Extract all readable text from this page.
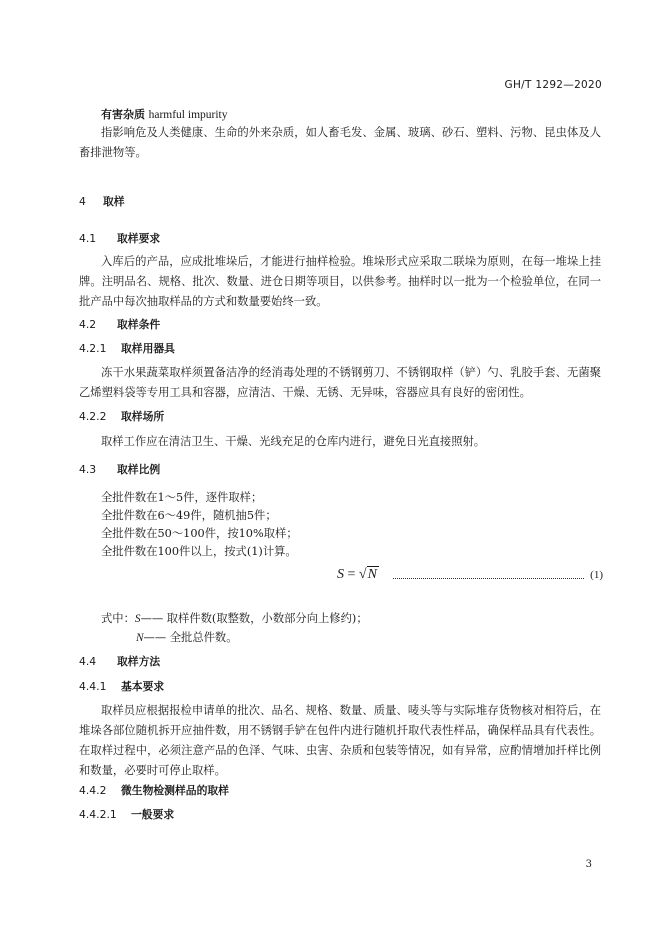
GH/T 1292—2020
有害杂质 harmful impurity
指影响危及人类健康、生命的外来杂质，如人畜毛发、金属、玻璃、砂石、塑料、污物、昆虫体及人畜排泄物等。
4 取样
4.1 取样要求
入库后的产品，应成批堆垛后，才能进行抽样检验。堆垛形式应采取二联垛为原则，在每一堆垛上挂牌。注明品名、规格、批次、数量、进仓日期等项目，以供参考。抽样时以一批为一个检验单位，在同一批产品中每次抽取样品的方式和数量要始终一致。
4.2 取样条件
4.2.1 取样用器具
冻干水果蔬菜取样须置备洁净的经消毒处理的不锈钢剪刀、不锈钢取样（铲）勺、乳胶手套、无菌聚乙烯塑料袋等专用工具和容器，应清洁、干燥、无锈、无异味，容器应具有良好的密闭性。
4.2.2 取样场所
取样工作应在清洁卫生、干燥、光线充足的仓库内进行，避免日光直接照射。
4.3 取样比例
全批件数在1～5件，逐件取样；
全批件数在6～49件，随机抽5件；
全批件数在50～100件，按10%取样；
全批件数在100件以上，按式(1)计算。
S = √N	(1)
式中：S—— 取样件数(取整数，小数部分向上修约)；
N—— 全批总件数。
4.4 取样方法
4.4.1 基本要求
取样员应根据报检申请单的批次、品名、规格、数量、质量、唛头等与实际堆存货物核对相符后，在堆垛各部位随机拆开应抽件数，用不锈钢手铲在包件内进行随机扦取代表性样品，确保样品具有代表性。在取样过程中，必须注意产品的色泽、气味、虫害、杂质和包装等情况，如有异常，应酌情增加扦样比例和数量，必要时可停止取样。
4.4.2 微生物检测样品的取样
4.4.2.1 一般要求
3
